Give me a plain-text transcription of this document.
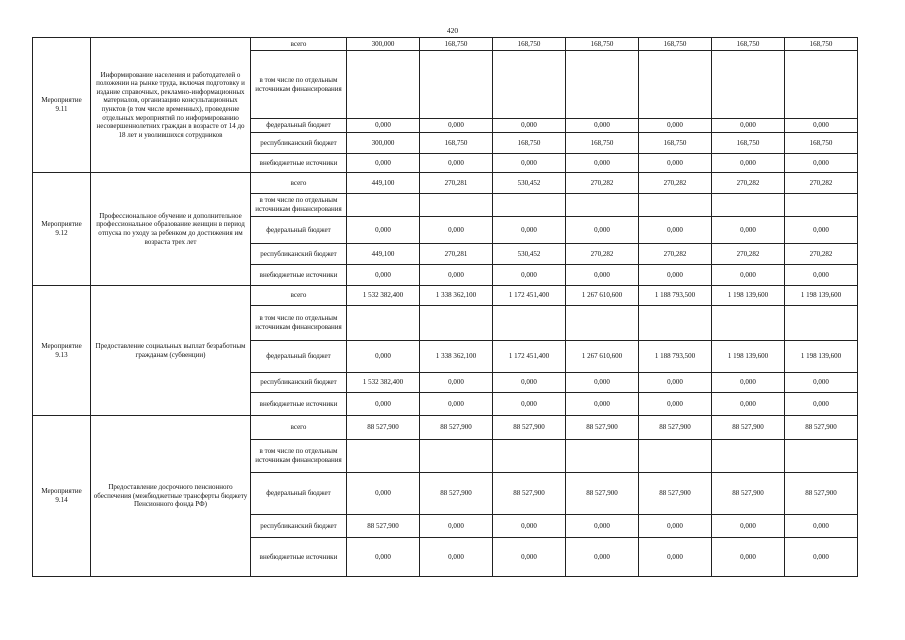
420
Мероприятие 9.11	Информирование населения и работодателей о положении на рынке труда, включая подготовку и издание справочных, рекламно-информационных материалов, организацию консультационных пунктов (в том числе временных), проведение отдельных мероприятий по информированию несовершеннолетних граждан в возрасте от 14 до 18 лет и уволившихся сотрудников	всего	300,000	168,750	168,750	168,750	168,750	168,750	168,750
		в том числе по отдельным источникам финансирования							
		федеральный бюджет	0,000	0,000	0,000	0,000	0,000	0,000	0,000
		республиканский бюджет	300,000	168,750	168,750	168,750	168,750	168,750	168,750
		внебюджетные источники	0,000	0,000	0,000	0,000	0,000	0,000	0,000
Мероприятие 9.12	Профессиональное обучение и дополнительное профессиональное образование женщин в период отпуска по уходу за ребенком до достижения им возраста трех лет	всего	449,100	270,281	530,452	270,282	270,282	270,282	270,282
		в том числе по отдельным источникам финансирования							
		федеральный бюджет	0,000	0,000	0,000	0,000	0,000	0,000	0,000
		республиканский бюджет	449,100	270,281	530,452	270,282	270,282	270,282	270,282
		внебюджетные источники	0,000	0,000	0,000	0,000	0,000	0,000	0,000
Мероприятие 9.13	Предоставление социальных выплат безработным гражданам (субвенции)	всего	1 532 382,400	1 338 362,100	1 172 451,400	1 267 610,600	1 188 793,500	1 198 139,600	1 198 139,600
		в том числе по отдельным источникам финансирования							
		федеральный бюджет	0,000	1 338 362,100	1 172 451,400	1 267 610,600	1 188 793,500	1 198 139,600	1 198 139,600
		республиканский бюджет	1 532 382,400	0,000	0,000	0,000	0,000	0,000	0,000
		внебюджетные источники	0,000	0,000	0,000	0,000	0,000	0,000	0,000
Мероприятие 9.14	Предоставление досрочного пенсионного обеспечения (межбюджетные трансферты бюджету Пенсионного фонда РФ)	всего	88 527,900	88 527,900	88 527,900	88 527,900	88 527,900	88 527,900	88 527,900
		в том числе по отдельным источникам финансирования							
		федеральный бюджет	0,000	88 527,900	88 527,900	88 527,900	88 527,900	88 527,900	88 527,900
		республиканский бюджет	88 527,900	0,000	0,000	0,000	0,000	0,000	0,000
		внебюджетные источники	0,000	0,000	0,000	0,000	0,000	0,000	0,000
